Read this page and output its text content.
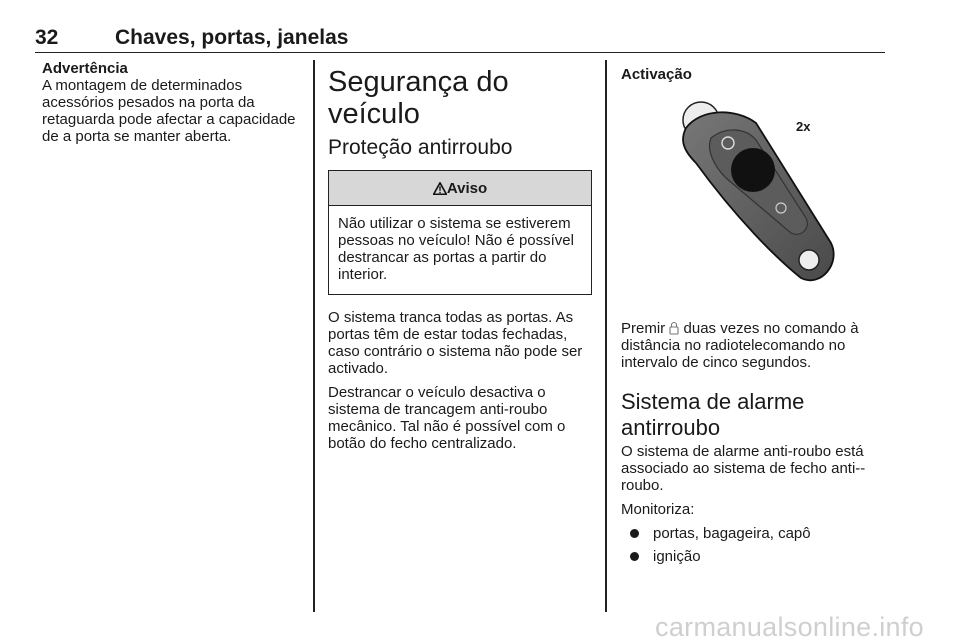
32	Chaves, portas, janelas
Advertência

A montagem de determinados acessórios pesados na porta da retaguarda pode afectar a capacidade de a porta se manter aberta.

Segurança do veículo
Proteção antirroubo
Aviso
Não utilizar o sistema se estiverem pessoas no veículo! Não é possível destrancar as portas a partir do interior.

O sistema tranca todas as portas. As portas têm de estar todas fechadas, caso contrário o sistema não pode ser activado.

Destrancar o veículo desactiva o sistema de trancagem anti-roubo mecânico. Tal não é possível com o botão do fecho centralizado.

Activação
2x

Premir  duas vezes no comando à distância no radiotelecomando no intervalo de cinco segundos.

Sistema de alarme antirroubo

O sistema de alarme anti-roubo está associado ao sistema de fecho anti--roubo.

Monitoriza:

portas, bagageira, capô
ignição
carmanualsonline.info
